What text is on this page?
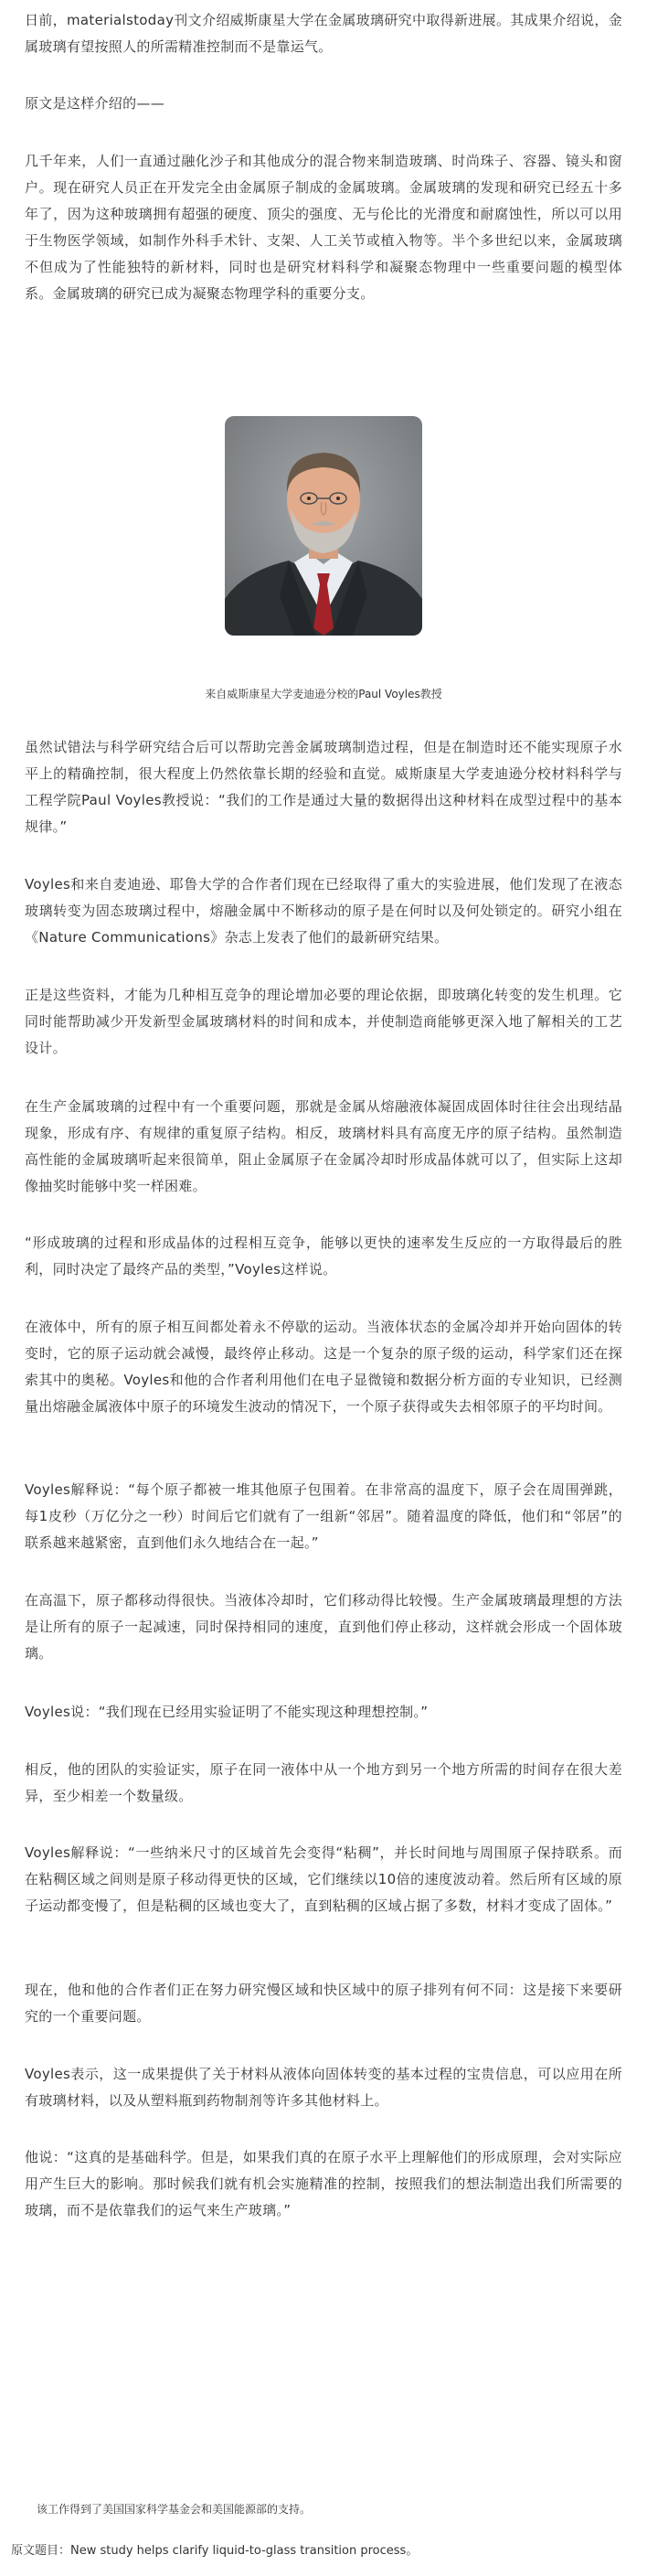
日前，materialstoday刊文介绍威斯康星大学在金属玻璃研究中取得新进展。其成果介绍说，金属玻璃有望按照人的所需精准控制而不是靠运气。

原文是这样介绍的——

几千年来，人们一直通过融化沙子和其他成分的混合物来制造玻璃、时尚珠子、容器、镜头和窗户。现在研究人员正在开发完全由金属原子制成的金属玻璃。金属玻璃的发现和研究已经五十多年了，因为这种玻璃拥有超强的硬度、顶尖的强度、无与伦比的光滑度和耐腐蚀性，所以可以用于生物医学领域，如制作外科手术针、支架、人工关节或植入物等。半个多世纪以来，金属玻璃不但成为了性能独特的新材料，同时也是研究材料科学和凝聚态物理中一些重要问题的模型体系。金属玻璃的研究已成为凝聚态物理学科的重要分支。

来自威斯康星大学麦迪逊分校的Paul Voyles教授

虽然试错法与科学研究结合后可以帮助完善金属玻璃制造过程，但是在制造时还不能实现原子水平上的精确控制，很大程度上仍然依靠长期的经验和直觉。威斯康星大学麦迪逊分校材料科学与工程学院Paul Voyles教授说：“我们的工作是通过大量的数据得出这种材料在成型过程中的基本规律。”

Voyles和来自麦迪逊、耶鲁大学的合作者们现在已经取得了重大的实验进展，他们发现了在液态玻璃转变为固态玻璃过程中，熔融金属中不断移动的原子是在何时以及何处锁定的。研究小组在《Nature Communications》杂志上发表了他们的最新研究结果。

正是这些资料，才能为几种相互竞争的理论增加必要的理论依据，即玻璃化转变的发生机理。它同时能帮助减少开发新型金属玻璃材料的时间和成本，并使制造商能够更深入地了解相关的工艺设计。

在生产金属玻璃的过程中有一个重要问题，那就是金属从熔融液体凝固成固体时往往会出现结晶现象，形成有序、有规律的重复原子结构。相反，玻璃材料具有高度无序的原子结构。虽然制造高性能的金属玻璃听起来很简单，阻止金属原子在金属冷却时形成晶体就可以了，但实际上这却像抽奖时能够中奖一样困难。

“形成玻璃的过程和形成晶体的过程相互竞争，能够以更快的速率发生反应的一方取得最后的胜利，同时决定了最终产品的类型，”Voyles这样说。

在液体中，所有的原子相互间都处着永不停歇的运动。当液体状态的金属冷却并开始向固体的转变时，它的原子运动就会减慢，最终停止移动。这是一个复杂的原子级的运动，科学家们还在探索其中的奥秘。Voyles和他的合作者利用他们在电子显微镜和数据分析方面的专业知识，已经测量出熔融金属液体中原子的环境发生波动的情况下，一个原子获得或失去相邻原子的平均时间。

Voyles解释说：“每个原子都被一堆其他原子包围着。在非常高的温度下，原子会在周围弹跳，每1皮秒（万亿分之一秒）时间后它们就有了一组新“邻居”。随着温度的降低，他们和“邻居”的联系越来越紧密，直到他们永久地结合在一起。”

在高温下，原子都移动得很快。当液体冷却时，它们移动得比较慢。生产金属玻璃最理想的方法是让所有的原子一起减速，同时保持相同的速度，直到他们停止移动，这样就会形成一个固体玻璃。

Voyles说：“我们现在已经用实验证明了不能实现这种理想控制。”

相反，他的团队的实验证实，原子在同一液体中从一个地方到另一个地方所需的时间存在很大差异，至少相差一个数量级。

Voyles解释说：“一些纳米尺寸的区域首先会变得“粘稠”，并长时间地与周围原子保持联系。而在粘稠区域之间则是原子移动得更快的区域，它们继续以10倍的速度波动着。然后所有区域的原子运动都变慢了，但是粘稠的区域也变大了，直到粘稠的区域占据了多数，材料才变成了固体。”

现在，他和他的合作者们正在努力研究慢区域和快区域中的原子排列有何不同：这是接下来要研究的一个重要问题。

Voyles表示，这一成果提供了关于材料从液体向固体转变的基本过程的宝贵信息，可以应用在所有玻璃材料，以及从塑料瓶到药物制剂等许多其他材料上。

他说：“这真的是基础科学。但是，如果我们真的在原子水平上理解他们的形成原理，会对实际应用产生巨大的影响。那时候我们就有机会实施精准的控制，按照我们的想法制造出我们所需要的玻璃，而不是依靠我们的运气来生产玻璃。”

该工作得到了美国国家科学基金会和美国能源部的支持。

原文题目：New study helps clarify liquid-to-glass transition process。
